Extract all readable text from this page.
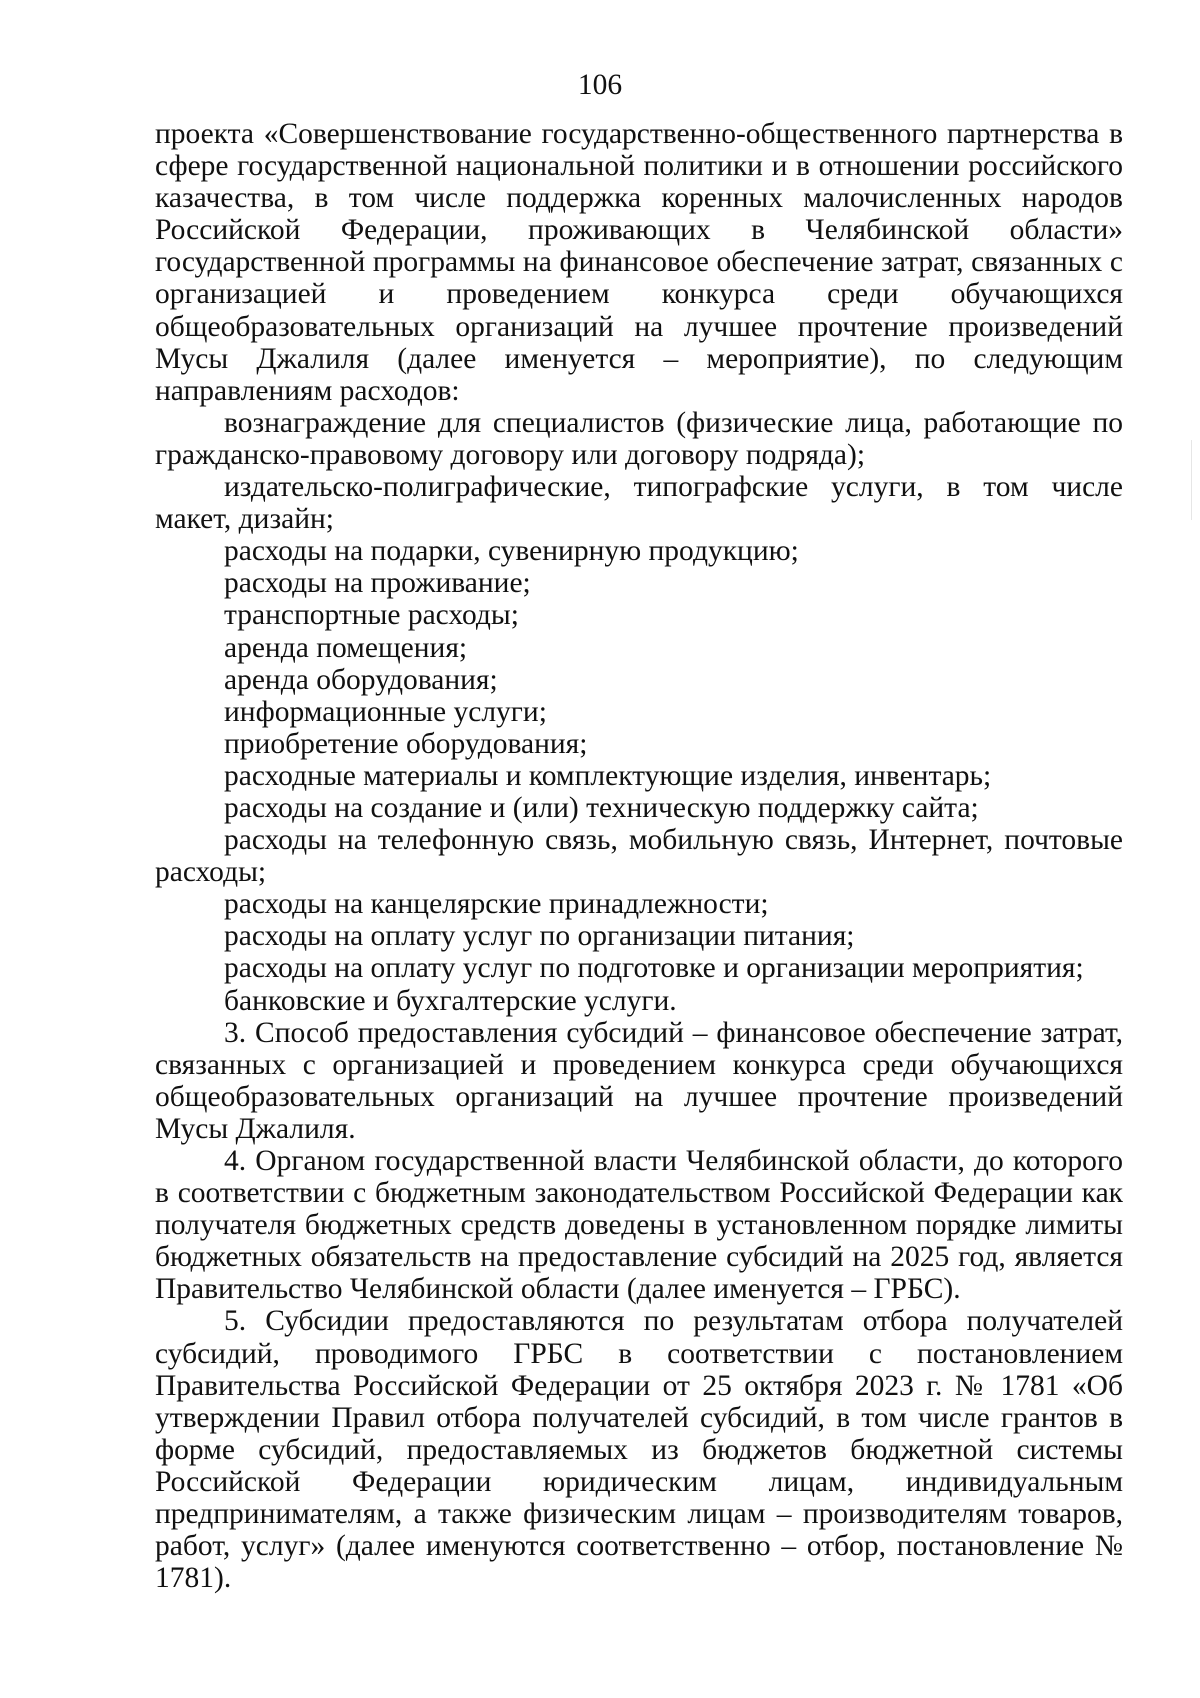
106

проекта «Совершенствование государственно-общественного партнерства в сфере государственной национальной политики и в отношении российского казачества, в том числе поддержка коренных малочисленных народов Российской Федерации, проживающих в Челябинской области» государственной программы на финансовое обеспечение затрат, связанных с организацией и проведением конкурса среди обучающихся общеобразовательных организаций на лучшее прочтение произведений Мусы Джалиля (далее именуется – мероприятие), по следующим направлениям расходов:

вознаграждение для специалистов (физические лица, работающие по гражданско-правовому договору или договору подряда);

издательско-полиграфические, типографские услуги, в том числе макет, дизайн;

расходы на подарки, сувенирную продукцию;

расходы на проживание;

транспортные расходы;

аренда помещения;

аренда оборудования;

информационные услуги;

приобретение оборудования;

расходные материалы и комплектующие изделия, инвентарь;

расходы на создание и (или) техническую поддержку сайта;

расходы на телефонную связь, мобильную связь, Интернет, почтовые расходы;

расходы на канцелярские принадлежности;

расходы на оплату услуг по организации питания;

расходы на оплату услуг по подготовке и организации мероприятия;

банковские и бухгалтерские услуги.

3. Способ предоставления субсидий – финансовое обеспечение затрат, связанных с организацией и проведением конкурса среди обучающихся общеобразовательных организаций на лучшее прочтение произведений Мусы Джалиля.

4. Органом государственной власти Челябинской области, до которого в соответствии с бюджетным законодательством Российской Федерации как получателя бюджетных средств доведены в установленном порядке лимиты бюджетных обязательств на предоставление субсидий на 2025 год, является Правительство Челябинской области (далее именуется – ГРБС).

5. Субсидии предоставляются по результатам отбора получателей субсидий, проводимого ГРБС в соответствии с постановлением Правительства Российской Федерации от 25 октября 2023 г. № 1781 «Об утверждении Правил отбора получателей субсидий, в том числе грантов в форме субсидий, предоставляемых из бюджетов бюджетной системы Российской Федерации юридическим лицам, индивидуальным предпринимателям, а также физическим лицам – производителям товаров, работ, услуг» (далее именуются соответственно – отбор, постановление № 1781).
